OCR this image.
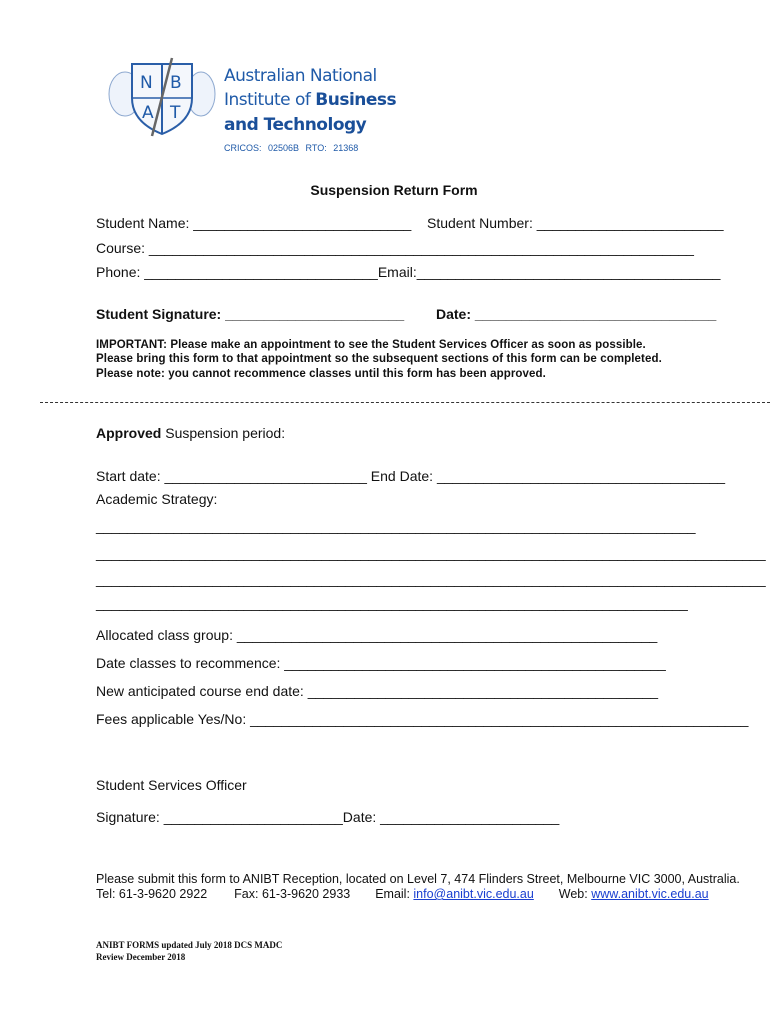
N B
A T
Australian National
Institute of Business
and Technology
CRICOS: 02506B RTO: 21368
Suspension Return Form
Student Name: ____________________________ Student Number: ________________________
Course: ______________________________________________________________________
Phone: ______________________________Email:_______________________________________
Student Signature: _______________________ Date: _______________________________
IMPORTANT: Please make an appointment to see the Student Services Officer as soon as possible.
Please bring this form to that appointment so the subsequent sections of this form can be completed.
Please note: you cannot recommence classes until this form has been approved.
Approved Suspension period:
Start date: __________________________ End Date: _____________________________________
Academic Strategy:
_____________________________________________________________________________
______________________________________________________________________________________
______________________________________________________________________________________
____________________________________________________________________________
Allocated class group: ______________________________________________________
Date classes to recommence: _________________________________________________
New anticipated course end date: _____________________________________________
Fees applicable Yes/No: ________________________________________________________________
Student Services Officer
Signature: _______________________Date: _______________________
Please submit this form to ANIBT Reception, located on Level 7, 474 Flinders Street, Melbourne VIC 3000, Australia.
Tel: 61-3-9620 2922 Fax: 61-3-9620 2933 Email: info@anibt.vic.edu.au Web: www.anibt.vic.edu.au
ANIBT FORMS updated July 2018 DCS MADC
Review December 2018
